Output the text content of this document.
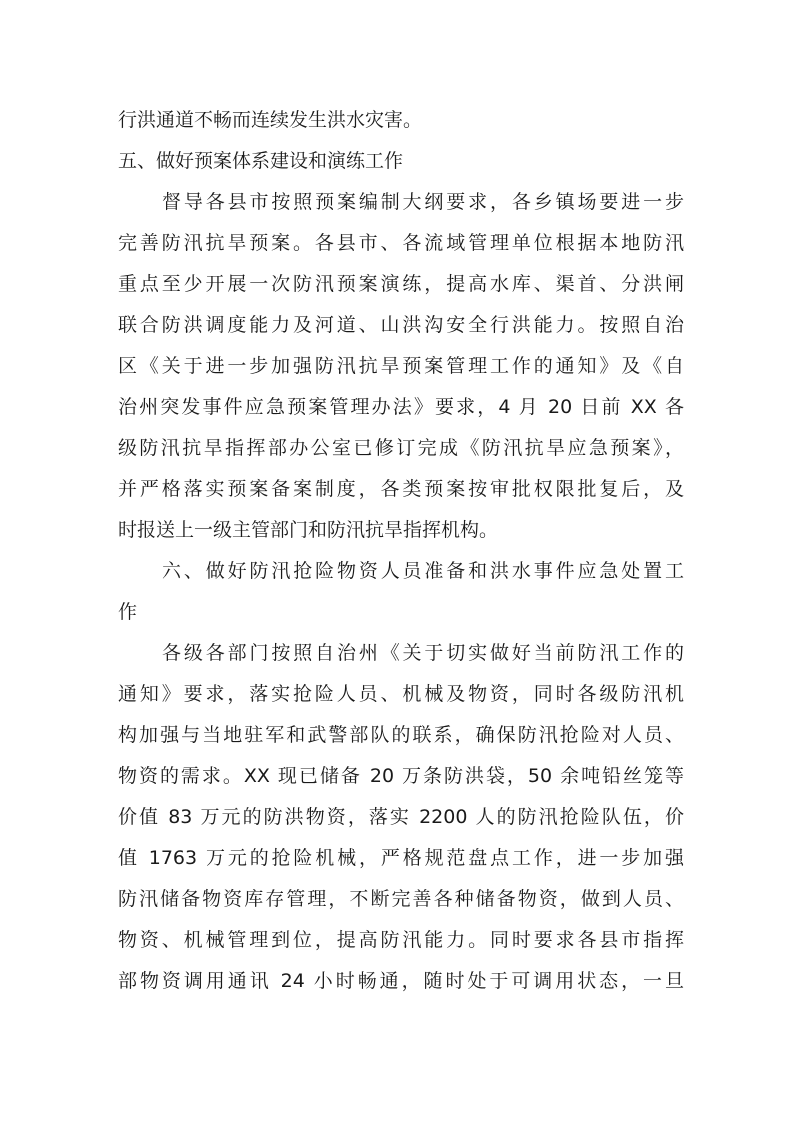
行洪通道不畅而连续发生洪水灾害。
五、做好预案体系建设和演练工作
督导各县市按照预案编制大纲要求，各乡镇场要进一步
完善防汛抗旱预案。各县市、各流域管理单位根据本地防汛
重点至少开展一次防汛预案演练，提高水库、渠首、分洪闸
联合防洪调度能力及河道、山洪沟安全行洪能力。按照自治
区《关于进一步加强防汛抗旱预案管理工作的通知》及《自
治州突发事件应急预案管理办法》要求，4 月 20 日前 XX 各
级防汛抗旱指挥部办公室已修订完成《防汛抗旱应急预案》，
并严格落实预案备案制度，各类预案按审批权限批复后，及
时报送上一级主管部门和防汛抗旱指挥机构。
六、做好防汛抢险物资人员准备和洪水事件应急处置工
作
各级各部门按照自治州《关于切实做好当前防汛工作的
通知》要求，落实抢险人员、机械及物资，同时各级防汛机
构加强与当地驻军和武警部队的联系，确保防汛抢险对人员、
物资的需求。XX 现已储备 20 万条防洪袋，50 余吨铅丝笼等
价值 83 万元的防洪物资，落实 2200 人的防汛抢险队伍，价
值 1763 万元的抢险机械，严格规范盘点工作，进一步加强
防汛储备物资库存管理，不断完善各种储备物资，做到人员、
物资、机械管理到位，提高防汛能力。同时要求各县市指挥
部物资调用通讯 24 小时畅通，随时处于可调用状态，一旦
